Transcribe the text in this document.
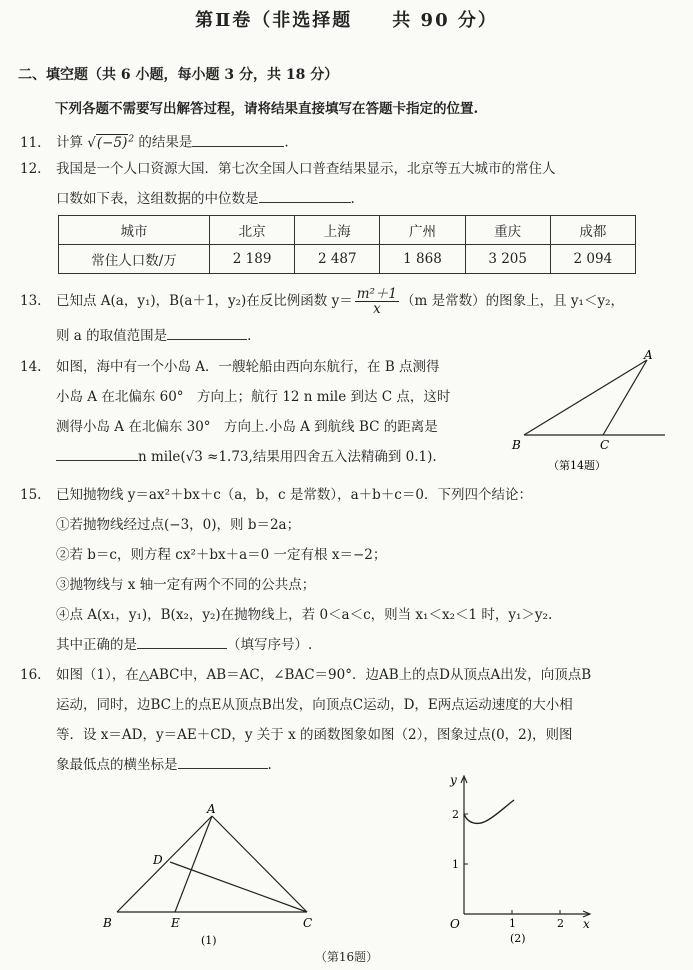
第Ⅱ卷（非选择题　　共 90 分）
二、填空题（共 6 小题，每小题 3 分，共 18 分）
下列各题不需要写出解答过程，请将结果直接填写在答题卡指定的位置.
11. 计算 $√(-5)^2$ 的结果是	.
12. 我国是一个人口资源大国．第七次全国人口普查结果显示，北京等五大城市的常住人
口数如下表，这组数据的中位数是	.
城市	北京	上海	广州	重庆	成都
常住人口数/万	2 189	2 487	1 868	3 205	2 094
13. 已知点 A(a，y₁)，B(a＋1，y₂)在反比例函数 $y= \frac{\text{m²＋1}}{x} (m$ 是常数）的图象上，且 y₁＜y₂，
则 a 的取值范围是	.
14. 如图，海中有一个小岛 A．一艘轮船由西向东航行，在 B 点测得
小岛 A 在北偏东 60°　方向上；航行 12 n mile 到达 C 点，这时
测得小岛 A 在北偏东 30°　方向上.小岛 A 到航线 BC 的距离是
n mile(√3 ≈1.73,结果用四舍五入法精确到 0.1).
A
B	C
（第14题）
15. 已知抛物线 y＝ax²＋bx＋c（a，b，c 是常数），a＋b＋c＝0．下列四个结论：
①若抛物线经过点(−3，0)，则 b＝2a；
②若 b＝c，则方程 cx²＋bx＋a＝0 一定有根 x＝−2；
③抛物线与 x 轴一定有两个不同的公共点；
④点 A(x₁，y₁)，B(x₂，y₂)在抛物线上，若 0＜a＜c，则当 x₁＜x₂＜1 时，y₁＞y₂.
其中正确的是	（填写序号）.
16. 如图（1），在△ABC中，AB＝AC，∠BAC＝90°．边AB上的点D从顶点A出发，向顶点B
运动，同时，边BC上的点E从顶点B出发，向顶点C运动，D，E两点运动速度的大小相
等．设 x＝AD，y＝AE＋CD，y 关于 x 的函数图象如图（2），图象过点(0，2)，则图
象最低点的横坐标是	.
A
B	C
D
E
(1)
y
x
O
1
2
1	2
(2)
（第16题）
